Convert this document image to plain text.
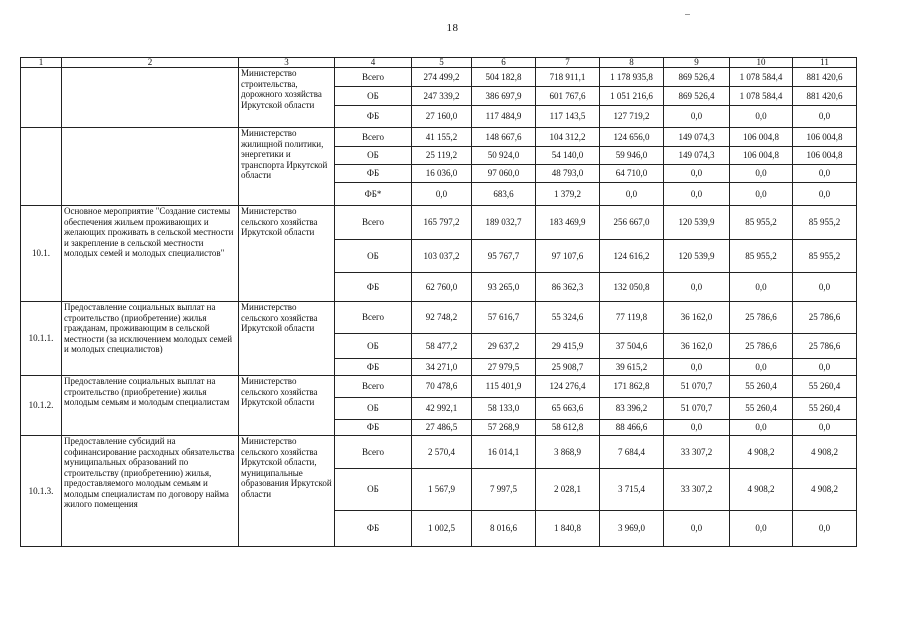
18
1	2	3	4	5	6	7	8	9	10	11
		Министерство строительства, дорожного хозяйства Иркутской области	Всего	274 499,2	504 182,8	718 911,1	1 178 935,8	869 526,4	1 078 584,4	881 420,6
			ОБ	247 339,2	386 697,9	601 767,6	1 051 216,6	869 526,4	1 078 584,4	881 420,6
			ФБ	27 160,0	117 484,9	117 143,5	127 719,2	0,0	0,0	0,0
		Министерство жилищной политики, энергетики и транспорта Иркутской области	Всего	41 155,2	148 667,6	104 312,2	124 656,0	149 074,3	106 004,8	106 004,8
			ОБ	25 119,2	50 924,0	54 140,0	59 946,0	149 074,3	106 004,8	106 004,8
			ФБ	16 036,0	97 060,0	48 793,0	64 710,0	0,0	0,0	0,0
			ФБ*	0,0	683,6	1 379,2	0,0	0,0	0,0	0,0
10.1.	Основное мероприятие "Создание системы обеспечения жильем проживающих и желающих проживать в сельской местности и закрепление в сельской местности молодых семей и молодых специалистов"	Министерство сельского хозяйства Иркутской области	Всего	165 797,2	189 032,7	183 469,9	256 667,0	120 539,9	85 955,2	85 955,2
			ОБ	103 037,2	95 767,7	97 107,6	124 616,2	120 539,9	85 955,2	85 955,2
			ФБ	62 760,0	93 265,0	86 362,3	132 050,8	0,0	0,0	0,0
10.1.1.	Предоставление социальных выплат на строительство (приобретение) жилья гражданам, проживающим в сельской местности (за исключением молодых семей и молодых специалистов)	Министерство сельского хозяйства Иркутской области	Всего	92 748,2	57 616,7	55 324,6	77 119,8	36 162,0	25 786,6	25 786,6
			ОБ	58 477,2	29 637,2	29 415,9	37 504,6	36 162,0	25 786,6	25 786,6
			ФБ	34 271,0	27 979,5	25 908,7	39 615,2	0,0	0,0	0,0
10.1.2.	Предоставление социальных выплат на строительство (приобретение) жилья молодым семьям и молодым специалистам	Министерство сельского хозяйства Иркутской области	Всего	70 478,6	115 401,9	124 276,4	171 862,8	51 070,7	55 260,4	55 260,4
			ОБ	42 992,1	58 133,0	65 663,6	83 396,2	51 070,7	55 260,4	55 260,4
			ФБ	27 486,5	57 268,9	58 612,8	88 466,6	0,0	0,0	0,0
10.1.3.	Предоставление субсидий на софинансирование расходных обязательства муниципальных образований по строительству (приобретению) жилья, предоставляемого молодым семьям и молодым специалистам по договору найма жилого помещения	Министерство сельского хозяйства Иркутской области, муниципальные образования Иркутской области	Всего	2 570,4	16 014,1	3 868,9	7 684,4	33 307,2	4 908,2	4 908,2
			ОБ	1 567,9	7 997,5	2 028,1	3 715,4	33 307,2	4 908,2	4 908,2
			ФБ	1 002,5	8 016,6	1 840,8	3 969,0	0,0	0,0	0,0
